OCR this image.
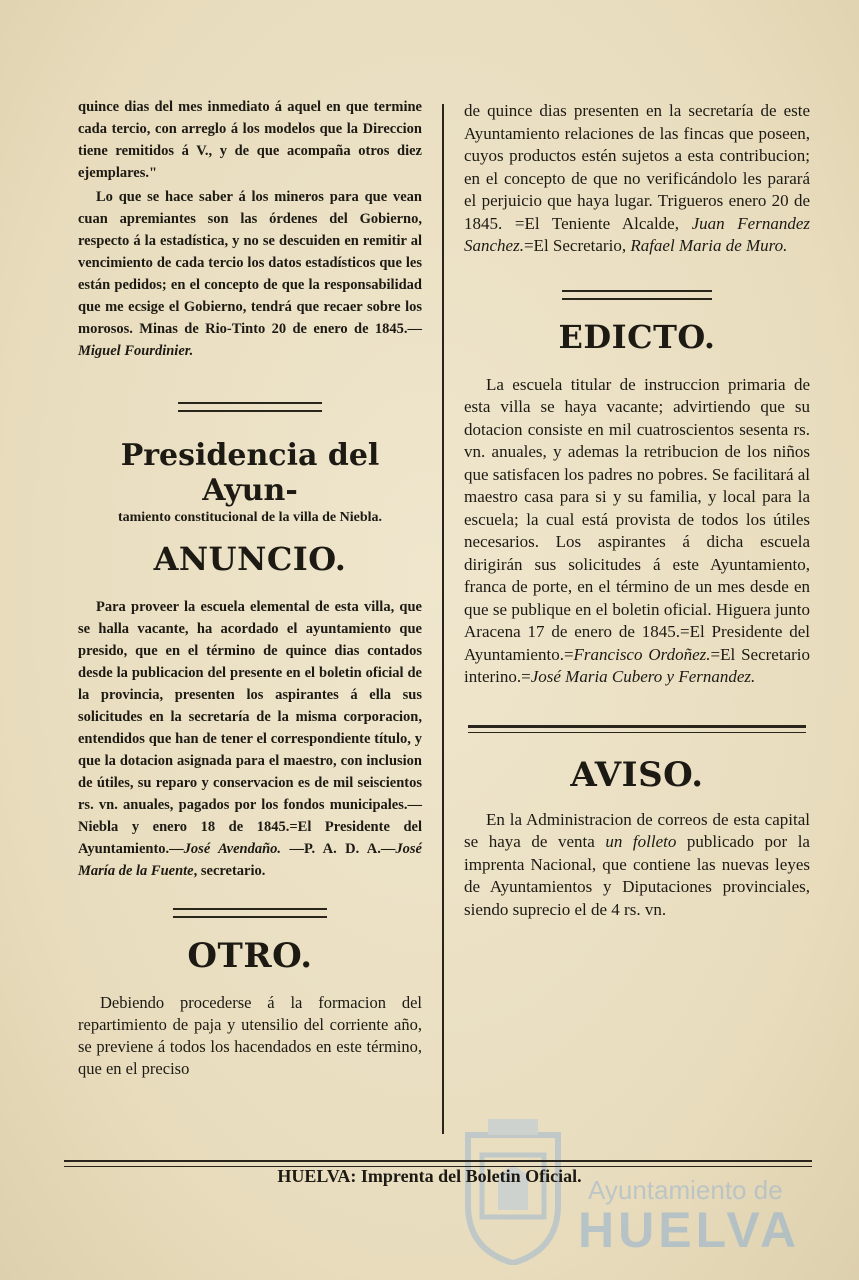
quince dias del mes inmediato á aquel en que termine cada tercio, con arreglo á los modelos que la Direccion tiene remitidos á V., y de que acompaña otros diez ejemplares."

Lo que se hace saber á los mineros para que vean cuan apremiantes son las órdenes del Gobierno, respecto á la estadística, y no se descuiden en remitir al vencimiento de cada tercio los datos estadísticos que les están pedidos; en el concepto de que la responsabilidad que me ecsige el Gobierno, tendrá que recaer sobre los morosos. Minas de Rio-Tinto 20 de enero de 1845.—Miguel Fourdinier.

Presidencia del Ayun-

tamiento constitucional de la villa de Niebla.

ANUNCIO.

Para proveer la escuela elemental de esta villa, que se halla vacante, ha acordado el ayuntamiento que presido, que en el término de quince dias contados desde la publicacion del presente en el boletin oficial de la provincia, presenten los aspirantes á ella sus solicitudes en la secretaría de la misma corporacion, entendidos que han de tener el correspondiente título, y que la dotacion asignada para el maestro, con inclusion de útiles, su reparo y conservacion es de mil seiscientos rs. vn. anuales, pagados por los fondos municipales.—Niebla y enero 18 de 1845.=El Presidente del Ayuntamiento.—José Avendaño. —P. A. D. A.—José María de la Fuente, secretario.

OTRO.

Debiendo procederse á la formacion del repartimiento de paja y utensilio del corriente año, se previene á todos los hacendados en este término, que en el preciso

de quince dias presenten en la secretaría de este Ayuntamiento relaciones de las fincas que poseen, cuyos productos estén sujetos a esta contribucion; en el concepto de que no verificándolo les parará el perjuicio que haya lugar. Trigueros enero 20 de 1845. =El Teniente Alcalde, Juan Fernandez Sanchez.=El Secretario, Rafael Maria de Muro.

EDICTO.

La escuela titular de instruccion primaria de esta villa se haya vacante; advirtiendo que su dotacion consiste en mil cuatroscientos sesenta rs. vn. anuales, y ademas la retribucion de los niños que satisfacen los padres no pobres. Se facilitará al maestro casa para si y su familia, y local para la escuela; la cual está provista de todos los útiles necesarios. Los aspirantes á dicha escuela dirigirán sus solicitudes á este Ayuntamiento, franca de porte, en el término de un mes desde en que se publique en el boletin oficial. Higuera junto Aracena 17 de enero de 1845.=El Presidente del Ayuntamiento.=Francisco Ordoñez.=El Secretario interino.=José Maria Cubero y Fernandez.

AVISO.

En la Administracion de correos de esta capital se haya de venta un folleto publicado por la imprenta Nacional, que contiene las nuevas leyes de Ayuntamientos y Diputaciones provinciales, siendo suprecio el de 4 rs. vn.

Ayuntamiento de
HUELVA
HUELVA: Imprenta del Boletin Oficial.
